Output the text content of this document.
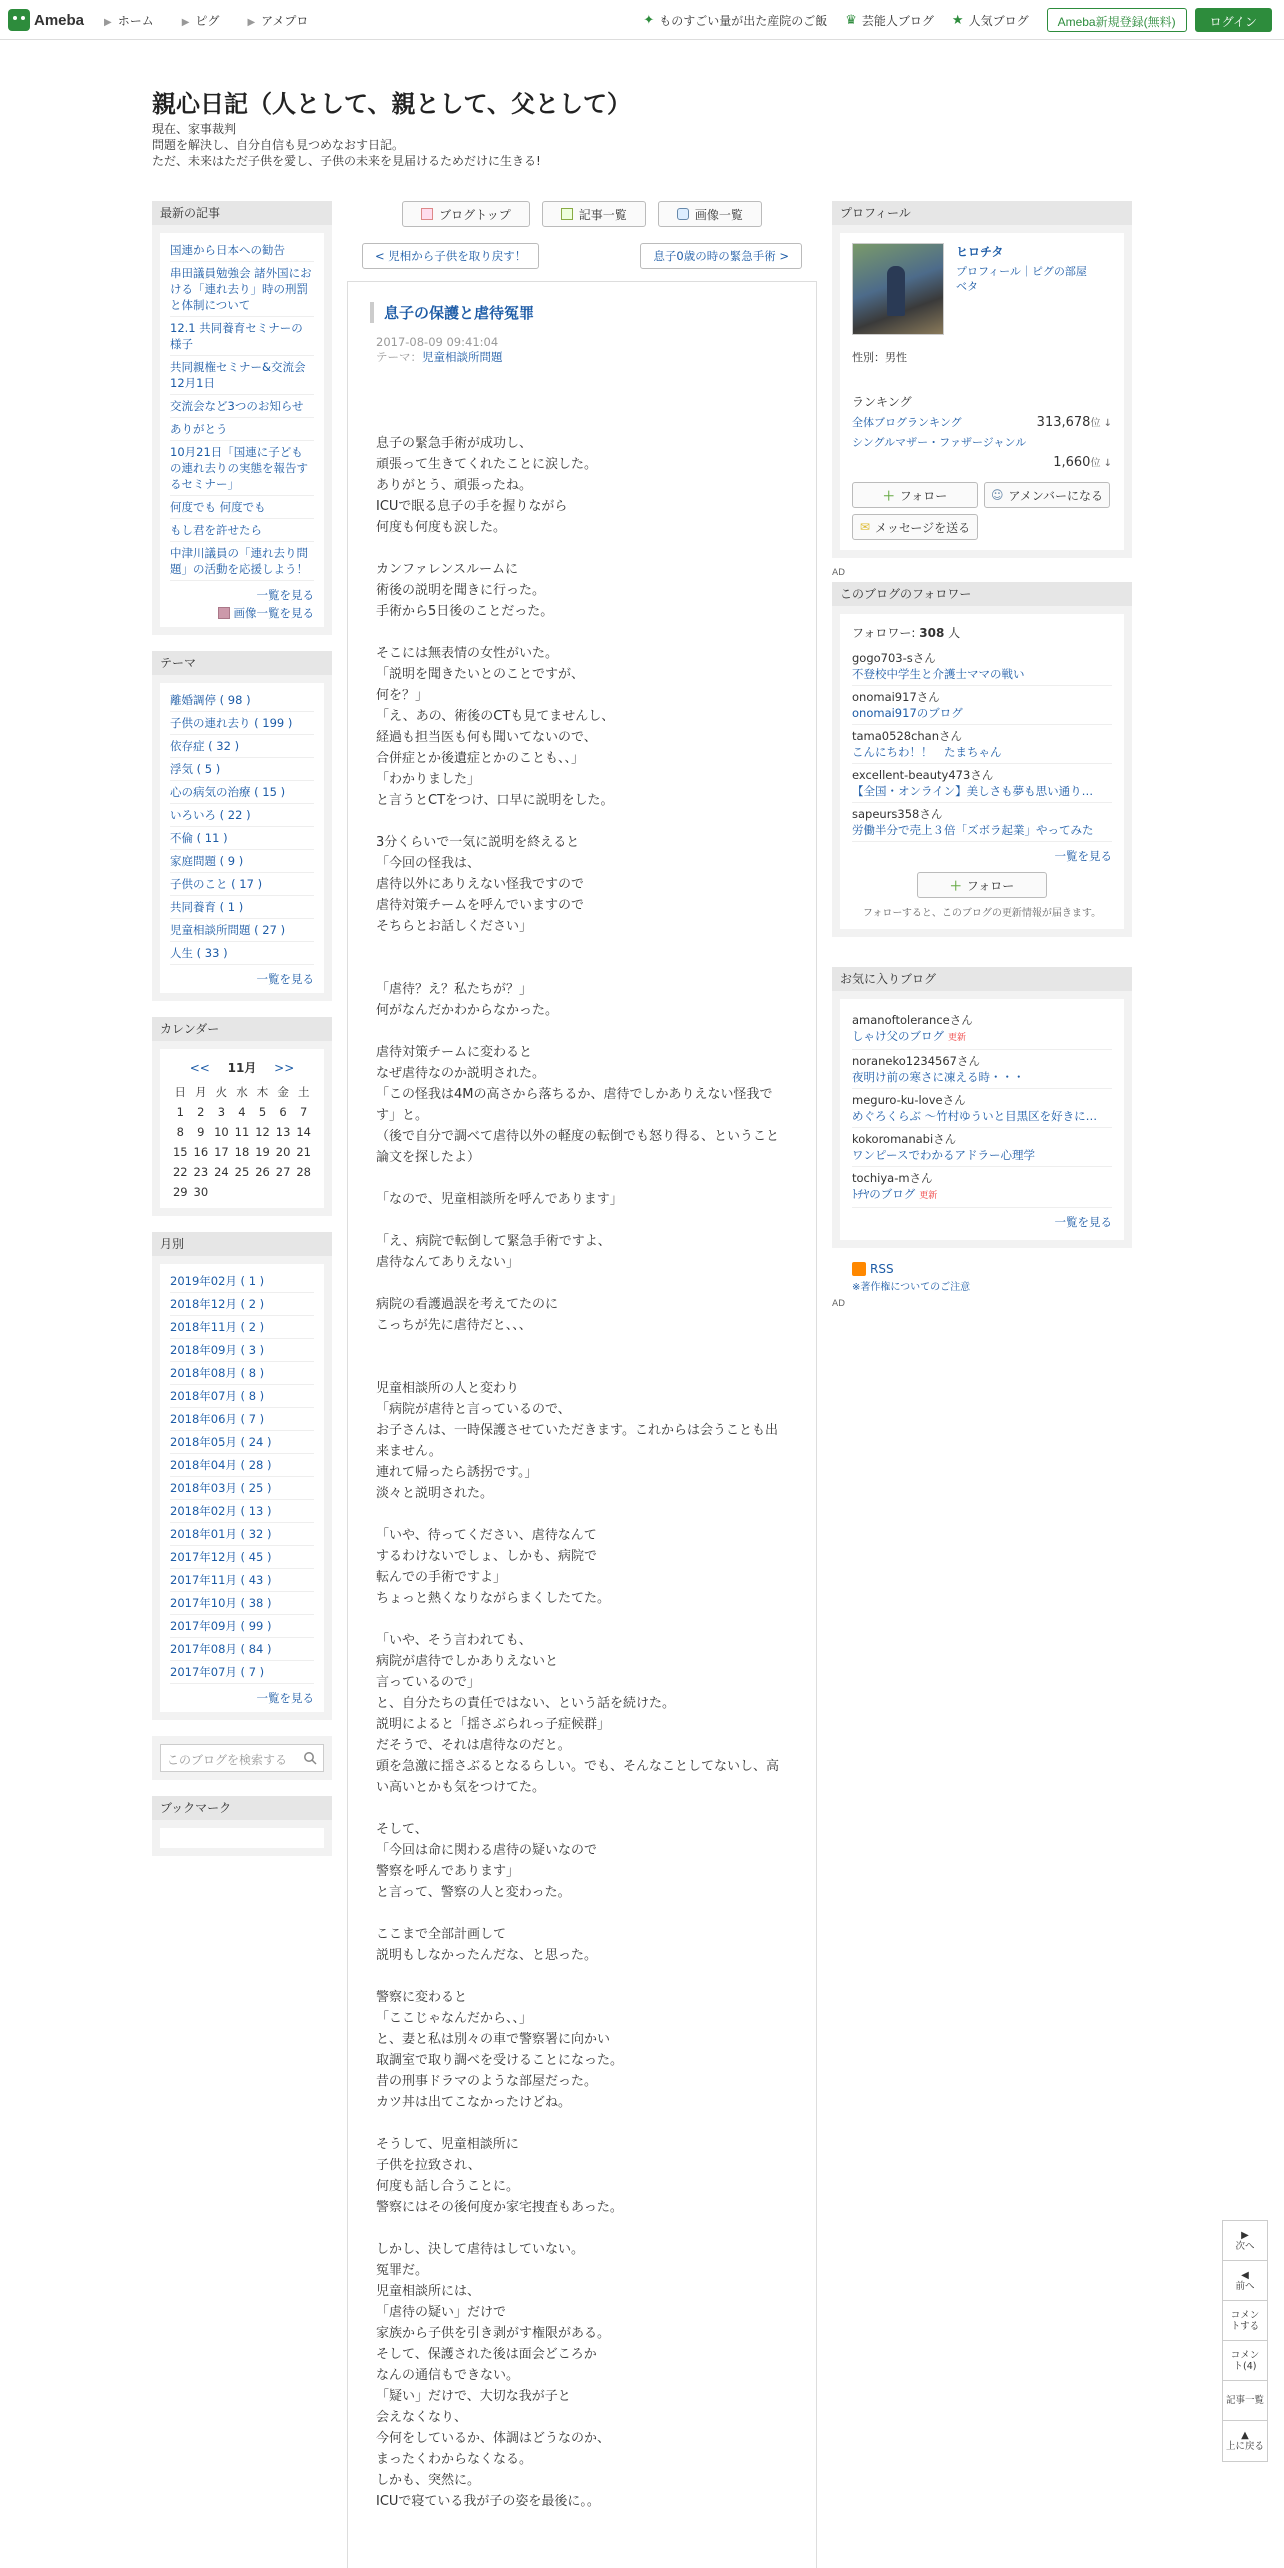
Ameba ▶ ホーム	▶ ピグ	▶ アメプロ	✦ ものすごい量が出た産院のご飯 ♛ 芸能人ブログ ★ 人気ブログ	Ameba新規登録(無料)	ログイン
親心日記（人として、親として、父として）
現在、家事裁判
問題を解決し、自分自信も見つめなおす日記。
ただ、未来はただ子供を愛し、子供の未来を見届けるためだけに生きる!
最新の記事
国連から日本への勧告
串田議員勉強会 諸外国における「連れ去り」時の刑罰と体制について
12.1 共同養育セミナーの様子
共同親権セミナー&交流会12月1日
交流会など3つのお知らせ
ありがとう
10月21日「国連に子どもの連れ去りの実態を報告するセミナー」
何度でも 何度でも
もし君を許せたら
中津川議員の「連れ去り問題」の活動を応援しよう！
一覧を見る
画像一覧を見る
テーマ
離婚調停 ( 98 )
子供の連れ去り ( 199 )
依存症 ( 32 )
浮気 ( 5 )
心の病気の治療 ( 15 )
いろいろ ( 22 )
不倫 ( 11 )
家庭問題 ( 9 )
子供のこと ( 17 )
共同養育 ( 1 )
児童相談所問題 ( 27 )
人生 ( 33 )
一覧を見る
カレンダー
<< 11月 >>
日	月	火	水	木	金	土
1	2	3	4	5	6	7
8	9	10	11	12	13	14
15	16	17	18	19	20	21
22	23	24	25	26	27	28
29	30					
月別
2019年02月 ( 1 )
2018年12月 ( 2 )
2018年11月 ( 2 )
2018年09月 ( 3 )
2018年08月 ( 8 )
2018年07月 ( 8 )
2018年06月 ( 7 )
2018年05月 ( 24 )
2018年04月 ( 28 )
2018年03月 ( 25 )
2018年02月 ( 13 )
2018年01月 ( 32 )
2017年12月 ( 45 )
2017年11月 ( 43 )
2017年10月 ( 38 )
2017年09月 ( 99 )
2017年08月 ( 84 )
2017年07月 ( 7 )
一覧を見る
このブログを検索する
ブックマーク
ブログトップ	記事一覧	画像一覧
< 児相から子供を取り戻す！	息子0歳の時の緊急手術 >
息子の保護と虐待冤罪
2017-08-09 09:41:04
テーマ：児童相談所問題
息子の緊急手術が成功し、
頑張って生きてくれたことに涙した。
ありがとう、頑張ったね。
ICUで眠る息子の手を握りながら
何度も何度も涙した。

カンファレンスルームに
術後の説明を聞きに行った。
手術から5日後のことだった。

そこには無表情の女性がいた。
「説明を聞きたいとのことですが、
何を？」
「え、あの、術後のCTも見てませんし、
経過も担当医も何も聞いてないので、
合併症とか後遺症とかのことも、、」
「わかりました」
と言うとCTをつけ、口早に説明をした。

3分くらいで一気に説明を終えると
「今回の怪我は、
虐待以外にありえない怪我ですので
虐待対策チームを呼んでいますので
そちらとお話しください」

「虐待？え？私たちが？」
何がなんだかわからなかった。

虐待対策チームに変わると
なぜ虐待なのか説明された。
「この怪我は4Mの高さから落ちるか、虐待でしかありえない怪我です」と。
（後で自分で調べて虐待以外の軽度の転倒でも怒り得る、ということ論文を探したよ）

「なので、児童相談所を呼んであります」

「え、病院で転倒して緊急手術ですよ、
虐待なんてありえない」

病院の看護過誤を考えてたのに
こっちが先に虐待だと、、、

児童相談所の人と変わり
「病院が虐待と言っているので、
お子さんは、一時保護させていただきます。これからは会うことも出来ません。
連れて帰ったら誘拐です。」
淡々と説明された。

「いや、待ってください、虐待なんて
するわけないでしょ、しかも、病院で
転んでの手術ですよ」
ちょっと熱くなりながらまくしたてた。

「いや、そう言われても、
病院が虐待でしかありえないと
言っているので」
と、自分たちの責任ではない、という話を続けた。
説明によると「揺さぶられっ子症候群」
だそうで、それは虐待なのだと。
頭を急激に揺さぶるとなるらしい。でも、そんなことしてないし、高い高いとかも気をつけてた。

そして、
「今回は命に関わる虐待の疑いなので
警察を呼んであります」
と言って、警察の人と変わった。

ここまで全部計画して
説明もしなかったんだな、と思った。

警察に変わると
「ここじゃなんだから、、」
と、妻と私は別々の車で警察署に向かい
取調室で取り調べを受けることになった。
昔の刑事ドラマのような部屋だった。
カツ丼は出てこなかったけどね。

そうして、児童相談所に
子供を拉致され、
何度も話し合うことに。
警察にはその後何度か家宅捜査もあった。

しかし、決して虐待はしていない。
冤罪だ。
児童相談所には、
「虐待の疑い」だけで
家族から子供を引き剥がす権限がある。
そして、保護された後は面会どころか
なんの通信もできない。
「疑い」だけで、大切な我が子と
会えなくなり、
今何をしているか、体調はどうなのか、
まったくわからなくなる。
しかも、突然に。
ICUで寝ている我が子の姿を最後に。。
プロフィール
ヒロチタ
プロフィール｜ピグの部屋
ベタ
性別：男性
ランキング
全体ブログランキング	313,678位 ↓
シングルマザー・ファザージャンル
1,660位 ↓
＋ フォロー	☺ アメンバーになる
✉ メッセージを送る
AD
このブログのフォロワー
フォロワー: 308 人
gogo703-sさん
不登校中学生と介護士ママの戦い
onomai917さん
onomai917のブログ
tama0528chanさん
こんにちわ！！　たまちゃん
excellent-beauty473さん
【全国・オンライン】美しさも夢も思い通り…
sapeurs358さん
労働半分で売上３倍「ズボラ起業」やってみた
一覧を見る
＋ フォロー
フォローすると、このブログの更新情報が届きます。
お気に入りブログ
amanoftoleranceさん
しゃけ父のブログ 更新
noraneko1234567さん
夜明け前の寒さに凍える時・・・
meguro-ku-loveさん
めぐろくらぶ ～竹村ゆういと目黒区を好きに…
kokoromanabiさん
ワンピースでわかるアドラー心理学
tochiya-mさん
ﾄﾁﾔのブログ 更新
一覧を見る
RSS
※著作権についてのご注意
AD
▶
次へ
◀
前へ
コメントする
コメント(4)
記事一覧
▲
上に戻る
